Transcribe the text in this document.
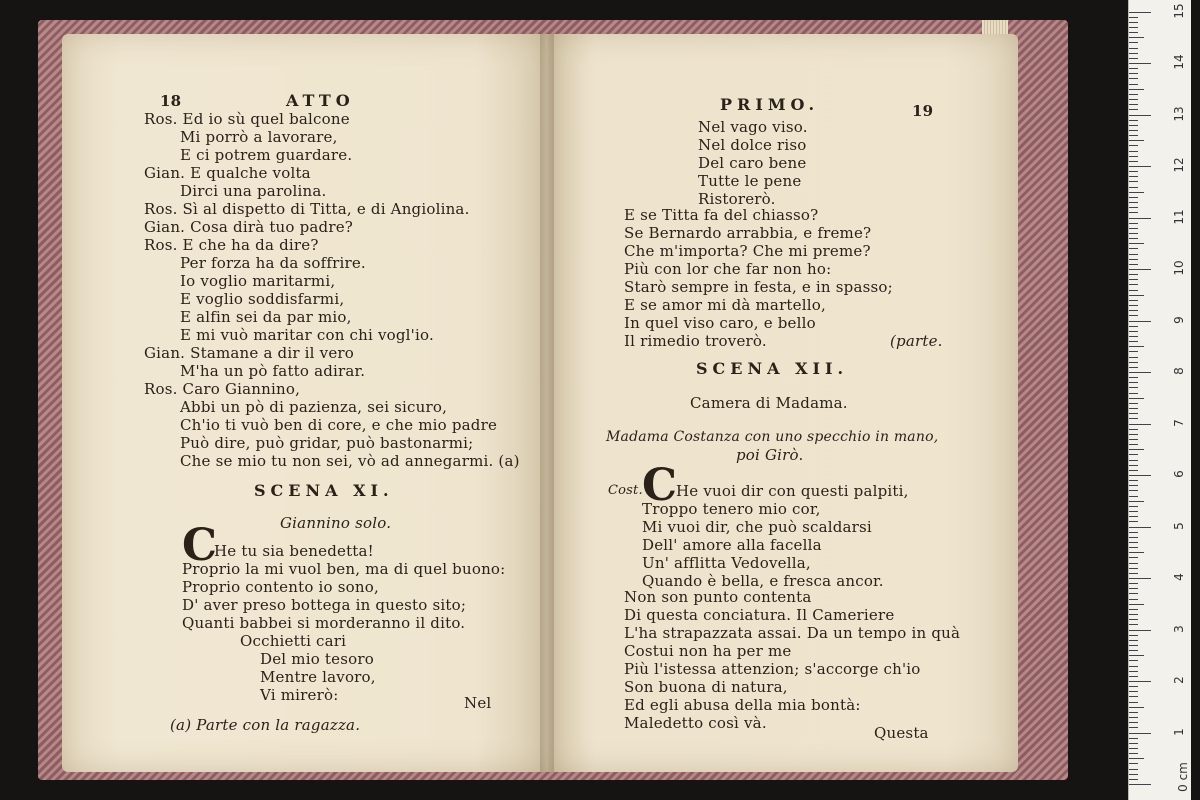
18	ATTO
Ros. Ed io sù quel balcone
Mi porrò a lavorare,
E ci potrem guardare.
Gian. E qualche volta
Dirci una parolina.
Ros. Sì al dispetto di Titta, e di Angiolina.
Gian. Cosa dirà tuo padre?
Ros. E che ha da dire?
Per forza ha da soffrire.
Io voglio maritarmi,
E voglio soddisfarmi,
E alfin sei da par mio,
E mi vuò maritar con chi vogl'io.
Gian. Stamane a dir il vero
M'ha un pò fatto adirar.
Ros. Caro Giannino,
Abbi un pò di pazienza, sei sicuro,
Ch'io ti vuò ben di core, e che mio padre
Può dire, può gridar, può bastonarmi;
Che se mio tu non sei, vò ad annegarmi. (a)
SCENA XI.
Giannino solo.
C
He tu sia benedetta!
Proprio la mi vuol ben, ma di quel buono:
Proprio contento io sono,
D' aver preso bottega in questo sito;
Quanti babbei si morderanno il dito.
Occhietti cari
Del mio tesoro
Mentre lavoro,
Vi mirerò:	Nel
(a) Parte con la ragazza.
PRIMO.	19
Nel vago viso.
Nel dolce riso
Del caro bene
Tutte le pene
Ristorerò.
E se Titta fa del chiasso?
Se Bernardo arrabbia, e freme?
Che m'importa? Che mi preme?
Più con lor che far non ho:
Starò sempre in festa, e in spasso;
E se amor mi dà martello,
In quel viso caro, e bello
Il rimedio troverò.	(parte.
SCENA XII.
Camera di Madama.
Madama Costanza con uno specchio in mano,
poi Girò.
Cost. C
He vuoi dir con questi palpiti,
Troppo tenero mio cor,
Mi vuoi dir, che può scaldarsi
Dell' amore alla facella
Un' afflitta Vedovella,
Quando è bella, e fresca ancor.
Non son punto contenta
Di questa conciatura. Il Cameriere
L'ha strapazzata assai. Da un tempo in quà
Costui non ha per me
Più l'istessa attenzion; s'accorge ch'io
Son buona di natura,
Ed egli abusa della mia bontà:
Maledetto così và.
Questa
0 cm
1
2
3
4
5
6
7
8
9
10
11
12
13
14
15
